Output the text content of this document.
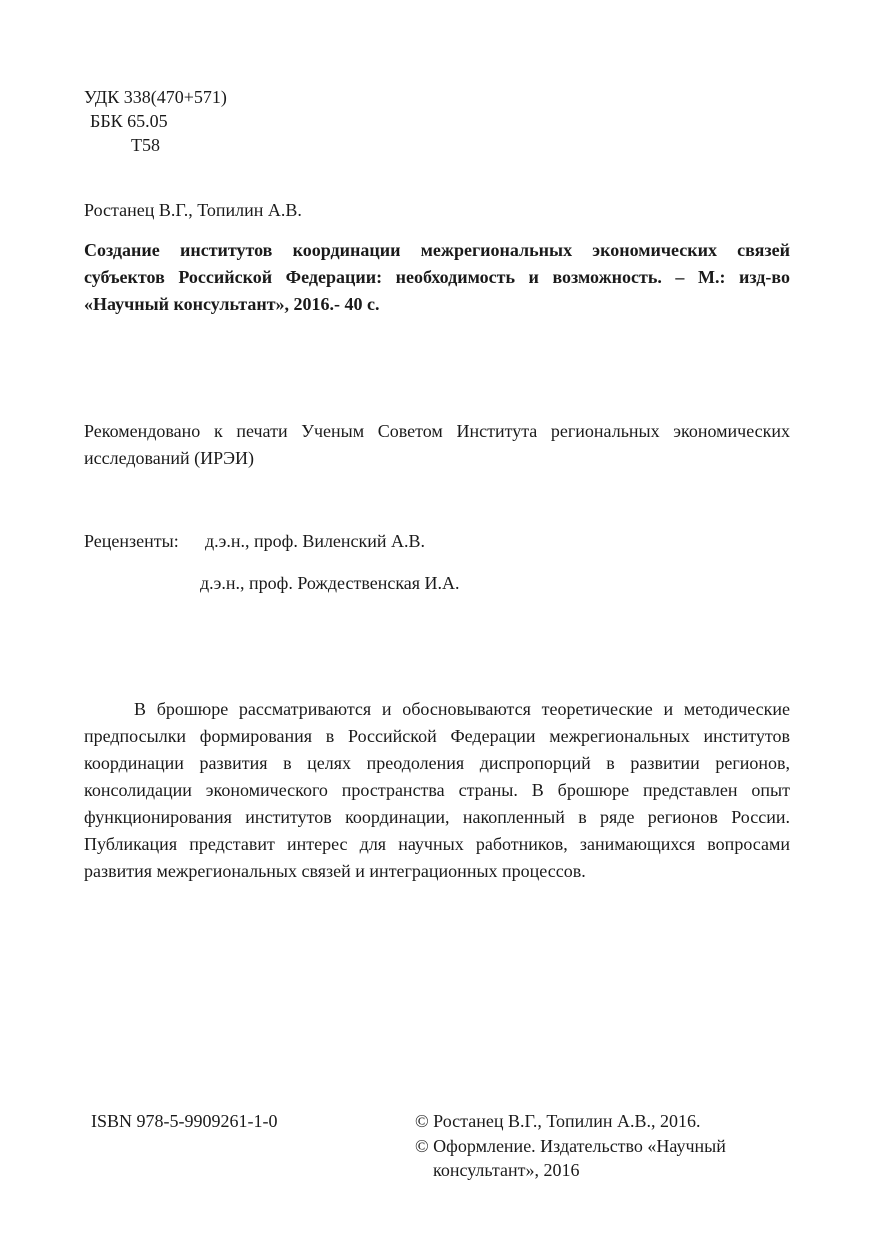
УДК 338(470+571)
ББК 65.05
Т58
Ростанец В.Г., Топилин А.В.
Создание институтов координации межрегиональных экономических связей субъектов Российской Федерации: необходимость и возможность. – М.: изд-во «Научный консультант», 2016.- 40 с.
Рекомендовано к печати Ученым Советом Института региональных экономических исследований (ИРЭИ)
Рецензенты: д.э.н., проф. Виленский А.В.
д.э.н., проф. Рождественская И.А.
В брошюре рассматриваются и обосновываются теоретические и методические предпосылки формирования в Российской Федерации межрегиональных институтов координации развития в целях преодоления диспропорций в развитии регионов, консолидации экономического пространства страны. В брошюре представлен опыт функционирования институтов координации, накопленный в ряде регионов России. Публикация представит интерес для научных работников, занимающихся вопросами развития межрегиональных связей и интеграционных процессов.
ISBN 978-5-9909261-1-0	© Ростанец В.Г., Топилин А.В., 2016.
© Оформление. Издательство «Научный
консультант», 2016
